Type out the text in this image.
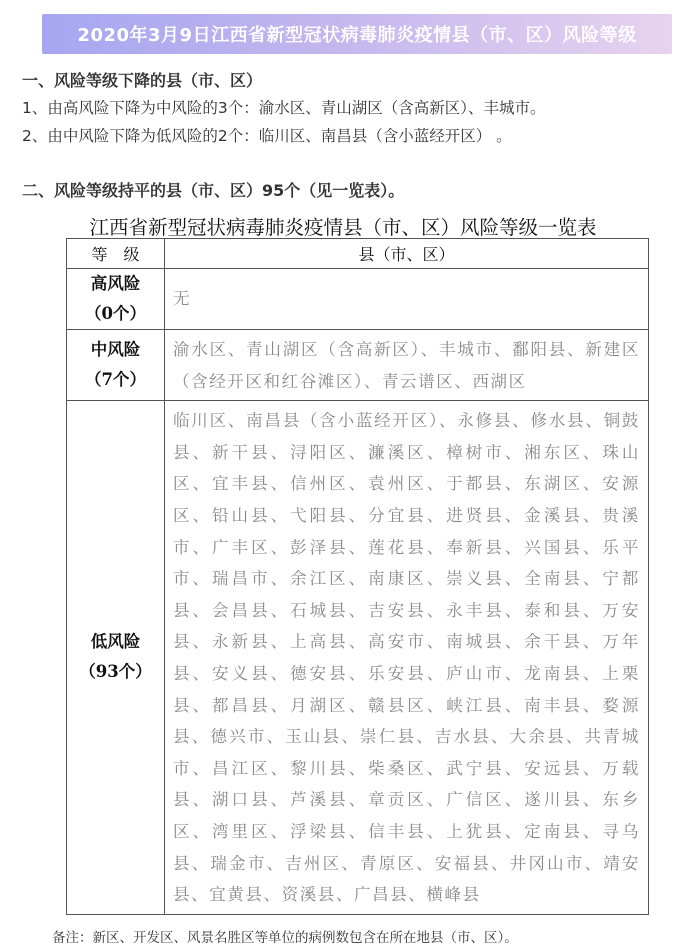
2020年3月9日江西省新型冠状病毒肺炎疫情县（市、区）风险等级
一、风险等级下降的县（市、区）
1、由高风险下降为中风险的3个：渝水区、青山湖区（含高新区）、丰城市。
2、由中风险下降为低风险的2个：临川区、南昌县（含小蓝经开区） 。
二、风险等级持平的县（市、区）95个（见一览表）。
江西省新型冠状病毒肺炎疫情县（市、区）风险等级一览表
等　级	县（市、区）

高风险
（0个）	无

中风险
（7个）	渝水区、青山湖区（含高新区）、丰城市、鄱阳县、新建区（含经开区和红谷滩区）、青云谱区、西湖区

低风险
（93个）	临川区、南昌县（含小蓝经开区）、永修县、修水县、铜鼓县、新干县、浔阳区、濂溪区、樟树市、湘东区、珠山区、宜丰县、信州区、袁州区、于都县、东湖区、安源区、铅山县、弋阳县、分宜县、进贤县、金溪县、贵溪市、广丰区、彭泽县、莲花县、奉新县、兴国县、乐平市、瑞昌市、余江区、南康区、崇义县、全南县、宁都县、会昌县、石城县、吉安县、永丰县、泰和县、万安县、永新县、上高县、高安市、南城县、余干县、万年县、安义县、德安县、乐安县、庐山市、龙南县、上栗县、都昌县、月湖区、赣县区、峡江县、南丰县、婺源县、德兴市、玉山县、崇仁县、吉水县、大余县、共青城市、昌江区、黎川县、柴桑区、武宁县、安远县、万载县、湖口县、芦溪县、章贡区、广信区、遂川县、东乡区、湾里区、浮梁县、信丰县、上犹县、定南县、寻乌县、瑞金市、吉州区、青原区、安福县、井冈山市、靖安县、宜黄县、资溪县、广昌县、横峰县
备注：新区、开发区、风景名胜区等单位的病例数包含在所在地县（市、区）。
